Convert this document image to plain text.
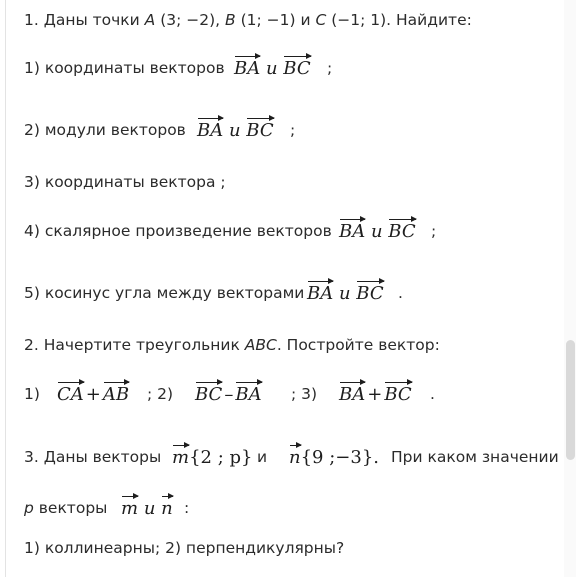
1. Даны точки A (3; −2), B (1; −1) и C (−1; 1). Найдите:
1) координаты векторов BA u BC ;
2) модули векторов BA u BC ;
3) координаты вектора ;
4) скалярное произведение векторов BA u BC ;
5) косинус угла между векторами BA u BC .
2. Начертите треугольник ABC. Постройте вектор:
1) CA + AB ; 2) BC – BA ; 3) BA + BC .
3. Даны векторы m{2 ; p} и n{9 ;−3}. При каком значении
p векторы m u n :
1) коллинеарны; 2) перпендикулярны?
